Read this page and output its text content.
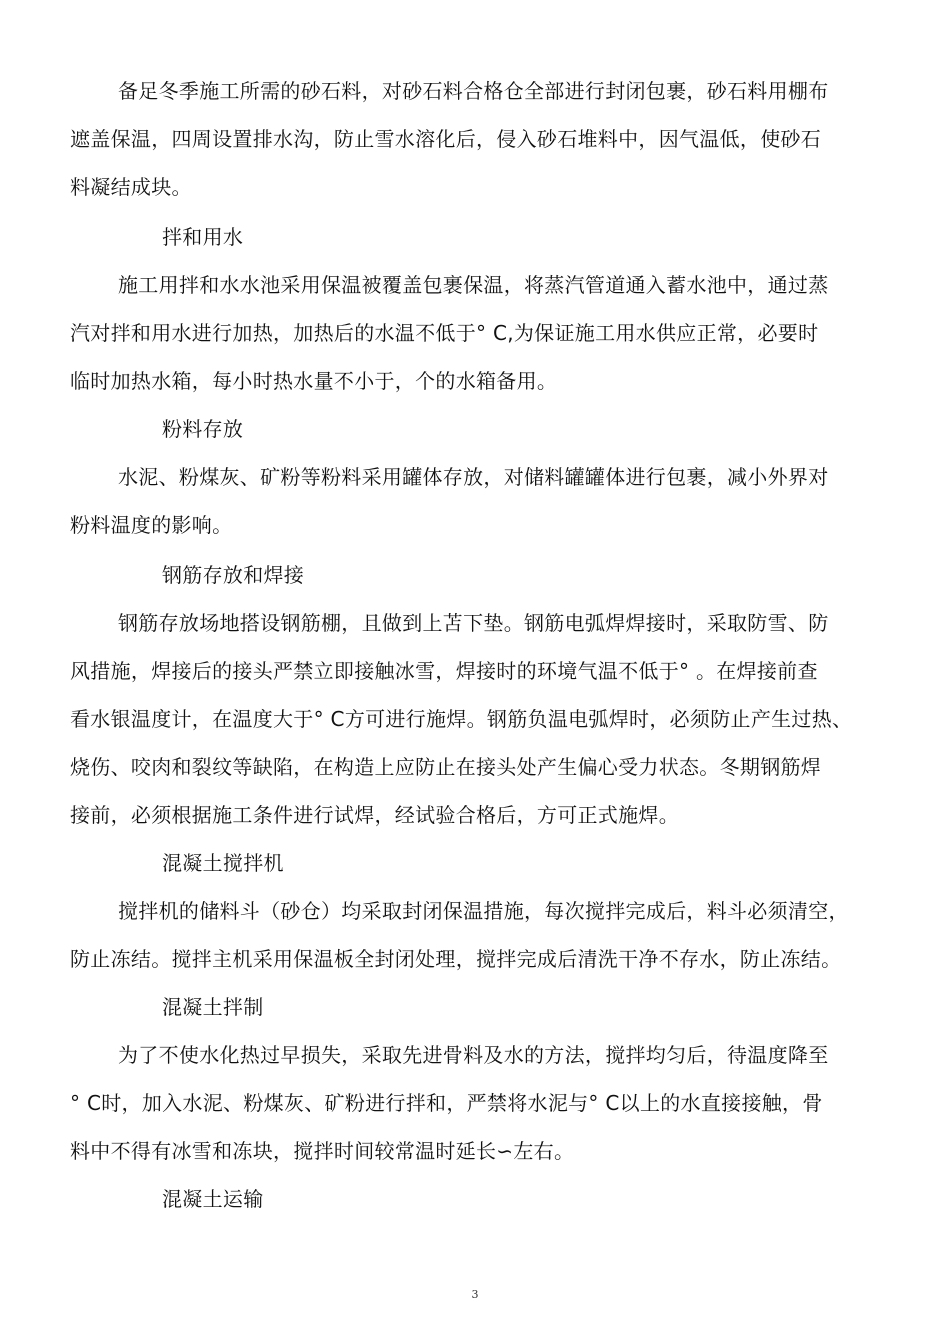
备足冬季施工所需的砂石料，对砂石料合格仓全部进行封闭包裹，砂石料用棚布
遮盖保温，四周设置排水沟，防止雪水溶化后，侵入砂石堆料中，因气温低，使砂石
料凝结成块。
拌和用水
施工用拌和水水池采用保温被覆盖包裹保温，将蒸汽管道通入蓄水池中，通过蒸
汽对拌和用水进行加热，加热后的水温不低于° C,为保证施工用水供应正常，必要时
临时加热水箱，每小时热水量不小于，个的水箱备用。
粉料存放
水泥、粉煤灰、矿粉等粉料采用罐体存放，对储料罐罐体进行包裹，减小外界对
粉料温度的影响。
钢筋存放和焊接
钢筋存放场地搭设钢筋棚，且做到上苫下垫。钢筋电弧焊焊接时，采取防雪、防
风措施，焊接后的接头严禁立即接触冰雪，焊接时的环境气温不低于° 。在焊接前查
看水银温度计，在温度大于° C方可进行施焊。钢筋负温电弧焊时，必须防止产生过热、
烧伤、咬肉和裂纹等缺陷，在构造上应防止在接头处产生偏心受力状态。冬期钢筋焊
接前，必须根据施工条件进行试焊，经试验合格后，方可正式施焊。
混凝土搅拌机
搅拌机的储料斗（砂仓）均采取封闭保温措施，每次搅拌完成后，料斗必须清空，
防止冻结。搅拌主机采用保温板全封闭处理，搅拌完成后清洗干净不存水，防止冻结。
混凝土拌制
为了不使水化热过早损失，采取先进骨料及水的方法，搅拌均匀后，待温度降至
° C时，加入水泥、粉煤灰、矿粉进行拌和，严禁将水泥与° C以上的水直接接触，骨
料中不得有冰雪和冻块，搅拌时间较常温时延长∽左右。
混凝土运输
3
